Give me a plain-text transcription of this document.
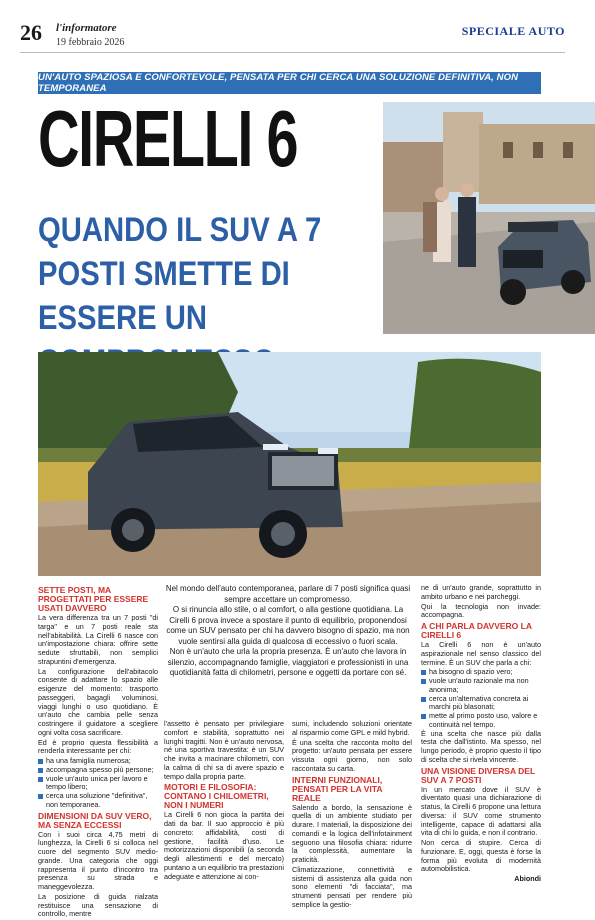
26 l'informatore
19 febbraio 2026
SPECIALE AUTO
UN'AUTO SPAZIOSA E CONFORTEVOLE, PENSATA PER CHI CERCA UNA SOLUZIONE DEFINITIVA, NON TEMPORANEA
CIRELLI 6
QUANDO IL SUV A 7 POSTI SMETTE DI ESSERE UN
SETTE POSTI, MA PROGETTATI PER ESSERE USATI DAVVERO

La vera differenza tra un 7 posti "di targa" e un 7 posti reale sta nell'abitabilità. La Cirelli 6 nasce con un'impostazione chiara: offrire sette sedute sfruttabili, non semplici strapuntini d'emergenza.

La configurazione dell'abitacolo consente di adattare lo spazio alle esigenze del momento: trasporto passeggeri, bagagli voluminosi, viaggi lunghi o uso quotidiano. È un'auto che cambia pelle senza costringere il guidatore a scegliere ogni volta cosa sacrificare.

Ed è proprio questa flessibilità a renderla interessante per chi:

ha una famiglia numerosa;
accompagna spesso più persone;
vuole un'auto unica per lavoro e tempo libero;
cerca una soluzione "definitiva", non temporanea.
DIMENSIONI DA SUV VERO, MA SENZA ECCESSI

Con i suoi circa 4,75 metri di lunghezza, la Cirelli 6 si colloca nel cuore del segmento SUV medio-grande. Una categoria che oggi rappresenta il punto d'incontro tra presenza su strada e maneggevolezza.

La posizione di guida rialzata restituisce una sensazione di controllo, mentre

Nel mondo dell'auto contemporanea, parlare di 7 posti significa quasi sempre accettare un compromesso.

O si rinuncia allo stile, o al comfort, o alla gestione quotidiana. La Cirelli 6 prova invece a spostare il punto di equilibrio, proponendosi come un SUV pensato per chi ha davvero bisogno di spazio, ma non vuole sentirsi alla guida di qualcosa di eccessivo o fuori scala.

Non è un'auto che urla la propria presenza. È un'auto che lavora in silenzio, accompagnando famiglie, viaggiatori e professionisti in una quotidianità fatta di chilometri, persone e oggetti da portare con sé.

l'assetto è pensato per privilegiare comfort e stabilità, soprattutto nei lunghi tragitti. Non è un'auto nervosa, né una sportiva travestita: è un SUV che invita a macinare chilometri, con la calma di chi sa di avere spazio e tempo dalla propria parte.

MOTORI E FILOSOFIA: CONTANO I CHILOMETRI, NON I NUMERI

La Cirelli 6 non gioca la partita dei dati da bar. Il suo approccio è più concreto: affidabilità, costi di gestione, facilità d'uso. Le motorizzazioni disponibili (a seconda degli allestimenti e del mercato) puntano a un equilibrio tra prestazioni adeguate e attenzione ai con-

sumi, includendo soluzioni orientate al risparmio come GPL e mild hybrid.

È una scelta che racconta molto del progetto: un'auto pensata per essere vissuta ogni giorno, non solo raccontata su carta.

INTERNI FUNZIONALI, PENSATI PER LA VITA REALE

Salendo a bordo, la sensazione è quella di un ambiente studiato per durare. I materiali, la disposizione dei comandi e la logica dell'infotainment seguono una filosofia chiara: ridurre la complessità, aumentare la praticità.

Climatizzazione, connettività e sistemi di assistenza alla guida non sono elementi "di facciata", ma strumenti pensati per rendere più semplice la gestio-

ne di un'auto grande, soprattutto in ambito urbano e nei parcheggi.

Qui la tecnologia non invade: accompagna.

A CHI PARLA DAVVERO LA CIRELLI 6

La Cirelli 6 non è un'auto aspirazionale nel senso classico del termine. È un SUV che parla a chi:

ha bisogno di spazio vero;
vuole un'auto razionale ma non anonima;
cerca un'alternativa concreta ai marchi più blasonati;
mette al primo posto uso, valore e continuità nel tempo.

È una scelta che nasce più dalla testa che dall'istinto. Ma spesso, nel lungo periodo, è proprio questo il tipo di scelta che si rivela vincente.

UNA VISIONE DIVERSA DEL SUV A 7 POSTI

In un mercato dove il SUV è diventato quasi una dichiarazione di status, la Cirelli 6 propone una lettura diversa: il SUV come strumento intelligente, capace di adattarsi alla vita di chi lo guida, e non il contrario.

Non cerca di stupire. Cerca di funzionare. E, oggi, questa è forse la forma più evoluta di modernità automobilistica.

Abiondi
